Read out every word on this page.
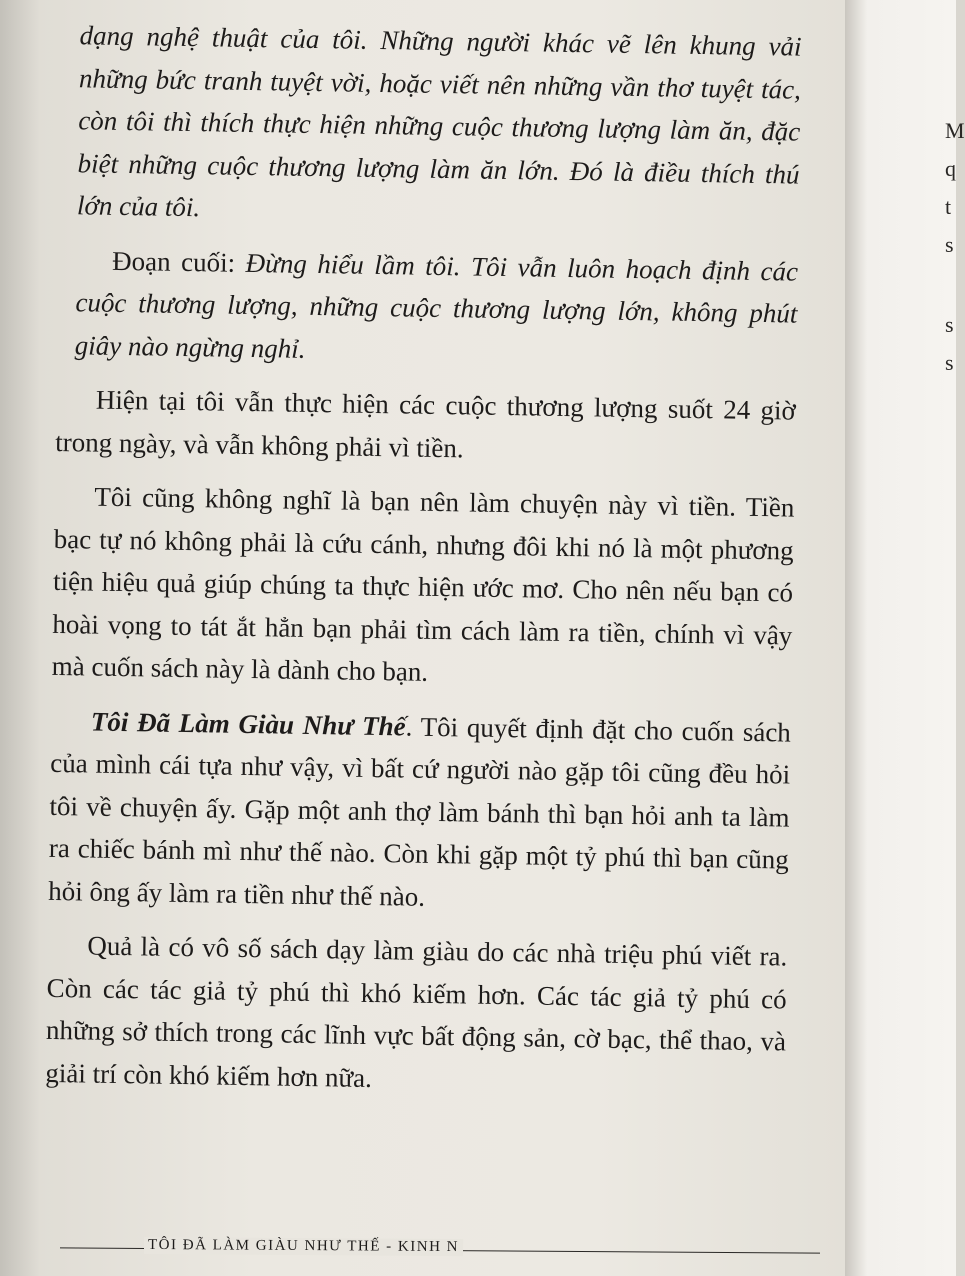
dạng nghệ thuật của tôi. Những người khác vẽ lên khung vải những bức tranh tuyệt vời, hoặc viết nên những vần thơ tuyệt tác, còn tôi thì thích thực hiện những cuộc thương lượng làm ăn, đặc biệt những cuộc thương lượng làm ăn lớn. Đó là điều thích thú lớn của tôi.

Đoạn cuối: Đừng hiểu lầm tôi. Tôi vẫn luôn hoạch định các cuộc thương lượng, những cuộc thương lượng lớn, không phút giây nào ngừng nghỉ.

Hiện tại tôi vẫn thực hiện các cuộc thương lượng suốt 24 giờ trong ngày, và vẫn không phải vì tiền.

Tôi cũng không nghĩ là bạn nên làm chuyện này vì tiền. Tiền bạc tự nó không phải là cứu cánh, nhưng đôi khi nó là một phương tiện hiệu quả giúp chúng ta thực hiện ước mơ. Cho nên nếu bạn có hoài vọng to tát ắt hẳn bạn phải tìm cách làm ra tiền, chính vì vậy mà cuốn sách này là dành cho bạn.

Tôi Đã Làm Giàu Như Thế. Tôi quyết định đặt cho cuốn sách của mình cái tựa như vậy, vì bất cứ người nào gặp tôi cũng đều hỏi tôi về chuyện ấy. Gặp một anh thợ làm bánh thì bạn hỏi anh ta làm ra chiếc bánh mì như thế nào. Còn khi gặp một tỷ phú thì bạn cũng hỏi ông ấy làm ra tiền như thế nào.

Quả là có vô số sách dạy làm giàu do các nhà triệu phú viết ra. Còn các tác giả tỷ phú thì khó kiếm hơn. Các tác giả tỷ phú có những sở thích trong các lĩnh vực bất động sản, cờ bạc, thể thao, và giải trí còn khó kiếm hơn nữa.

TÔI ĐÃ LÀM GIÀU NHƯ THẾ - KINH N
M
q
t
s
s
s
